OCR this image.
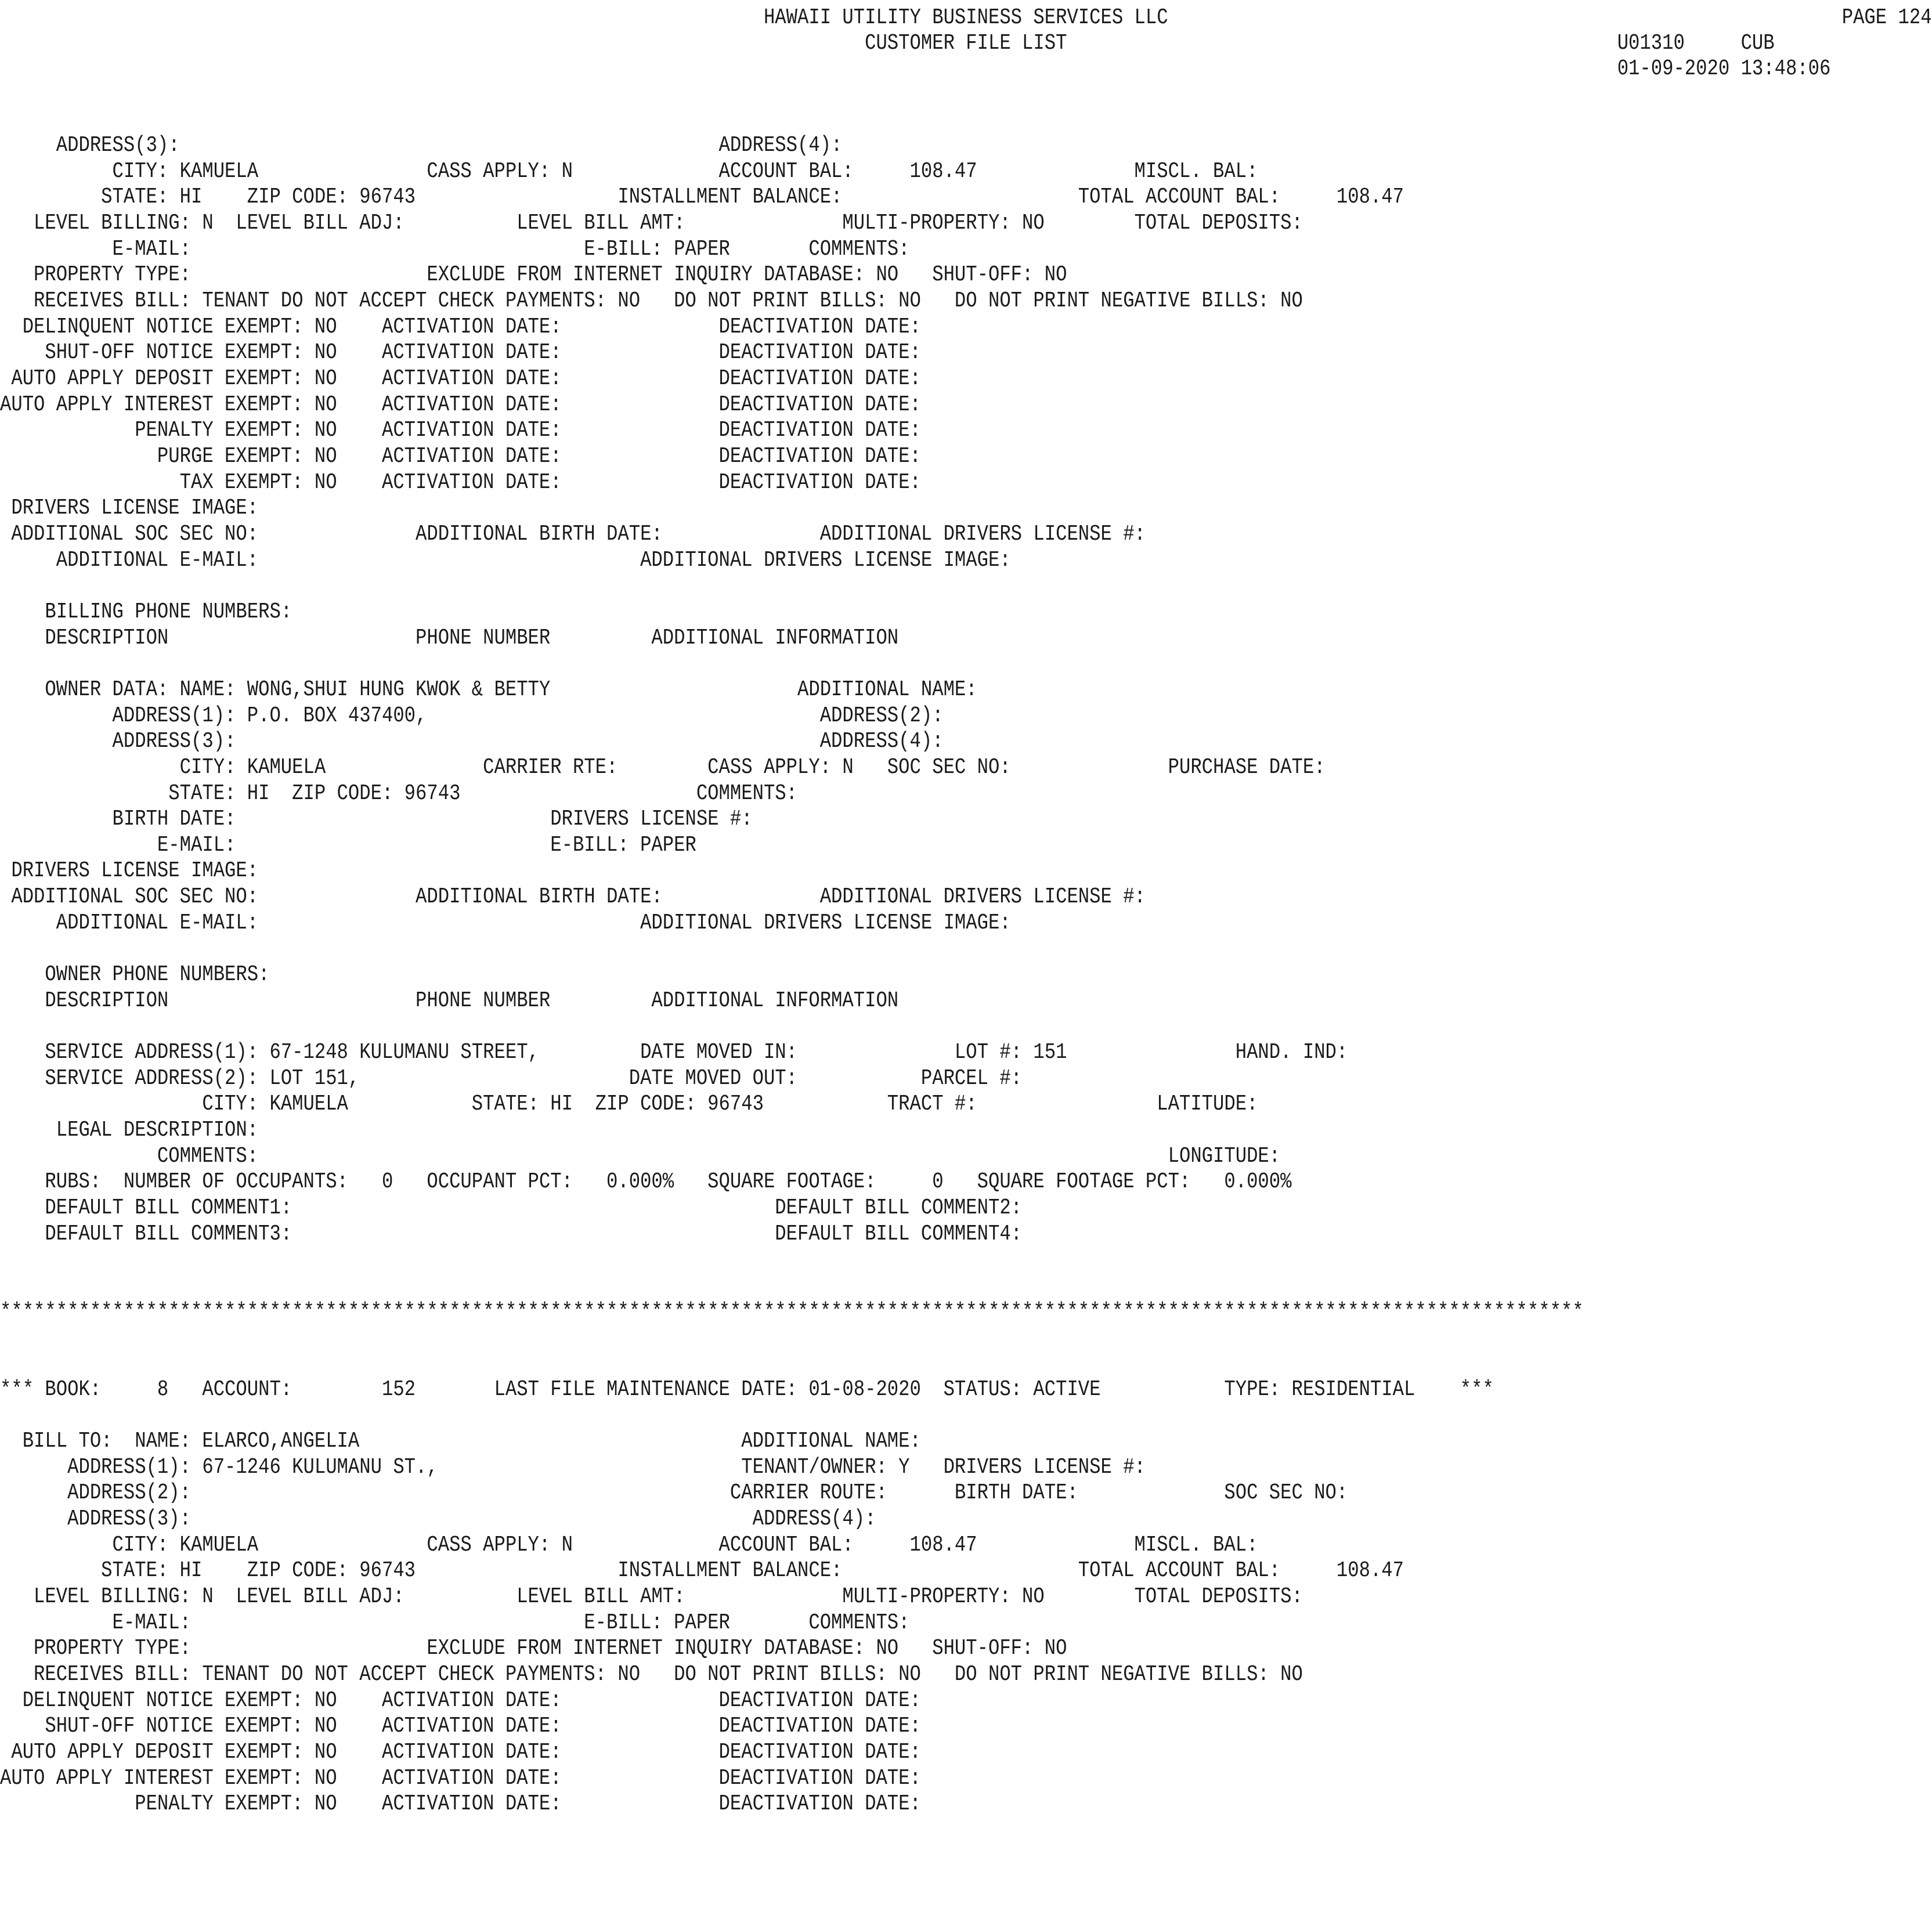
HAWAII UTILITY BUSINESS SERVICES LLC                                                            PAGE 124
CUSTOMER FILE LIST                                                 U01310     CUB
01-09-2020 13:48:06
ADDRESS(3):                                                ADDRESS(4):
CITY: KAMUELA               CASS APPLY: N             ACCOUNT BAL:     108.47              MISCL. BAL:
STATE: HI    ZIP CODE: 96743                  INSTALLMENT BALANCE:                     TOTAL ACCOUNT BAL:     108.47
LEVEL BILLING: N  LEVEL BILL ADJ:          LEVEL BILL AMT:              MULTI-PROPERTY: NO        TOTAL DEPOSITS:
E-MAIL:                                   E-BILL: PAPER       COMMENTS:
PROPERTY TYPE:                     EXCLUDE FROM INTERNET INQUIRY DATABASE: NO   SHUT-OFF: NO
RECEIVES BILL: TENANT DO NOT ACCEPT CHECK PAYMENTS: NO   DO NOT PRINT BILLS: NO   DO NOT PRINT NEGATIVE BILLS: NO
DELINQUENT NOTICE EXEMPT: NO    ACTIVATION DATE:              DEACTIVATION DATE:
SHUT-OFF NOTICE EXEMPT: NO    ACTIVATION DATE:              DEACTIVATION DATE:
AUTO APPLY DEPOSIT EXEMPT: NO    ACTIVATION DATE:              DEACTIVATION DATE:
AUTO APPLY INTEREST EXEMPT: NO    ACTIVATION DATE:              DEACTIVATION DATE:
PENALTY EXEMPT: NO    ACTIVATION DATE:              DEACTIVATION DATE:
PURGE EXEMPT: NO    ACTIVATION DATE:              DEACTIVATION DATE:
TAX EXEMPT: NO    ACTIVATION DATE:              DEACTIVATION DATE:
DRIVERS LICENSE IMAGE:
ADDITIONAL SOC SEC NO:              ADDITIONAL BIRTH DATE:              ADDITIONAL DRIVERS LICENSE #:
ADDITIONAL E-MAIL:                                  ADDITIONAL DRIVERS LICENSE IMAGE:
BILLING PHONE NUMBERS:
DESCRIPTION                      PHONE NUMBER         ADDITIONAL INFORMATION
OWNER DATA: NAME: WONG,SHUI HUNG KWOK & BETTY                      ADDITIONAL NAME:
ADDRESS(1): P.O. BOX 437400,                                   ADDRESS(2):
ADDRESS(3):                                                    ADDRESS(4):
CITY: KAMUELA              CARRIER RTE:        CASS APPLY: N   SOC SEC NO:              PURCHASE DATE:
STATE: HI  ZIP CODE: 96743                     COMMENTS:
BIRTH DATE:                            DRIVERS LICENSE #:
E-MAIL:                            E-BILL: PAPER
DRIVERS LICENSE IMAGE:
ADDITIONAL SOC SEC NO:              ADDITIONAL BIRTH DATE:              ADDITIONAL DRIVERS LICENSE #:
ADDITIONAL E-MAIL:                                  ADDITIONAL DRIVERS LICENSE IMAGE:
OWNER PHONE NUMBERS:
DESCRIPTION                      PHONE NUMBER         ADDITIONAL INFORMATION
SERVICE ADDRESS(1): 67-1248 KULUMANU STREET,         DATE MOVED IN:              LOT #: 151               HAND. IND:
SERVICE ADDRESS(2): LOT 151,                        DATE MOVED OUT:           PARCEL #:
CITY: KAMUELA           STATE: HI  ZIP CODE: 96743           TRACT #:                LATITUDE:
LEGAL DESCRIPTION:
COMMENTS:                                                                                 LONGITUDE:
RUBS:  NUMBER OF OCCUPANTS:   0   OCCUPANT PCT:   0.000%   SQUARE FOOTAGE:     0   SQUARE FOOTAGE PCT:   0.000%
DEFAULT BILL COMMENT1:                                           DEFAULT BILL COMMENT2:
DEFAULT BILL COMMENT3:                                           DEFAULT BILL COMMENT4:
*********************************************************************************************************************************************
*** BOOK:     8   ACCOUNT:        152       LAST FILE MAINTENANCE DATE: 01-08-2020  STATUS: ACTIVE           TYPE: RESIDENTIAL    ***
BILL TO:  NAME: ELARCO,ANGELIA                                  ADDITIONAL NAME:
ADDRESS(1): 67-1246 KULUMANU ST.,                           TENANT/OWNER: Y   DRIVERS LICENSE #:
ADDRESS(2):                                                CARRIER ROUTE:      BIRTH DATE:             SOC SEC NO:
ADDRESS(3):                                                  ADDRESS(4):
CITY: KAMUELA               CASS APPLY: N             ACCOUNT BAL:     108.47              MISCL. BAL:
STATE: HI    ZIP CODE: 96743                  INSTALLMENT BALANCE:                     TOTAL ACCOUNT BAL:     108.47
LEVEL BILLING: N  LEVEL BILL ADJ:          LEVEL BILL AMT:              MULTI-PROPERTY: NO        TOTAL DEPOSITS:
E-MAIL:                                   E-BILL: PAPER       COMMENTS:
PROPERTY TYPE:                     EXCLUDE FROM INTERNET INQUIRY DATABASE: NO   SHUT-OFF: NO
RECEIVES BILL: TENANT DO NOT ACCEPT CHECK PAYMENTS: NO   DO NOT PRINT BILLS: NO   DO NOT PRINT NEGATIVE BILLS: NO
DELINQUENT NOTICE EXEMPT: NO    ACTIVATION DATE:              DEACTIVATION DATE:
SHUT-OFF NOTICE EXEMPT: NO    ACTIVATION DATE:              DEACTIVATION DATE:
AUTO APPLY DEPOSIT EXEMPT: NO    ACTIVATION DATE:              DEACTIVATION DATE:
AUTO APPLY INTEREST EXEMPT: NO    ACTIVATION DATE:              DEACTIVATION DATE:
PENALTY EXEMPT: NO    ACTIVATION DATE:              DEACTIVATION DATE:
